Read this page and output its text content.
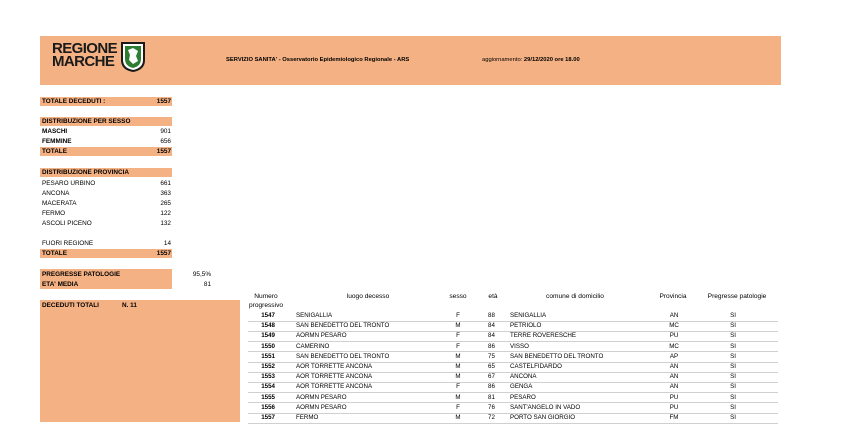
REGIONE
MARCHE	SERVIZIO SANITA' - Osservatorio Epidemiologico Regionale - ARS	aggiornamento: 29/12/2020 ore 18.00
TOTALE DECEDUTI :	1557
DISTRIBUZIONE PER SESSO
MASCHI	901
FEMMINE	656
TOTALE	1557
DISTRIBUZIONE PROVINCIA
PESARO URBINO	661
ANCONA	363
MACERATA	265
FERMO	122
ASCOLI PICENO	132
FUORI REGIONE	14
TOTALE	1557
PREGRESSE PATOLOGIE	95,5%
ETA' MEDIA	81
DECEDUTI TOTALI	N. 11
Numero
progressivo
luogo decesso	sesso	età	comune di domicilio	Provincia	Pregresse patologie
1547	SENIGALLIA	F	88 SENIGALLIA	AN	SI
1548	SAN BENEDETTO DEL TRONTO	M	84 PETRIOLO	MC	SI
1549	AORMN PESARO	F	84 TERRE ROVERESCHE	PU	SI
1550	CAMERINO	F	86 VISSO	MC	SI
1551	SAN BENEDETTO DEL TRONTO	M	75 SAN BENEDETTO DEL TRONTO	AP	SI
1552	AOR TORRETTE ANCONA	M	65 CASTELFIDARDO	AN	SI
1553	AOR TORRETTE ANCONA	M	67 ANCONA	AN	SI
1554	AOR TORRETTE ANCONA	F	86 GENGA	AN	SI
1555	AORMN PESARO	M	81 PESARO	PU	SI
1556	AORMN PESARO	F	76 SANT'ANGELO IN VADO	PU	SI
1557	FERMO	M	72 PORTO SAN GIORGIO	FM	SI
